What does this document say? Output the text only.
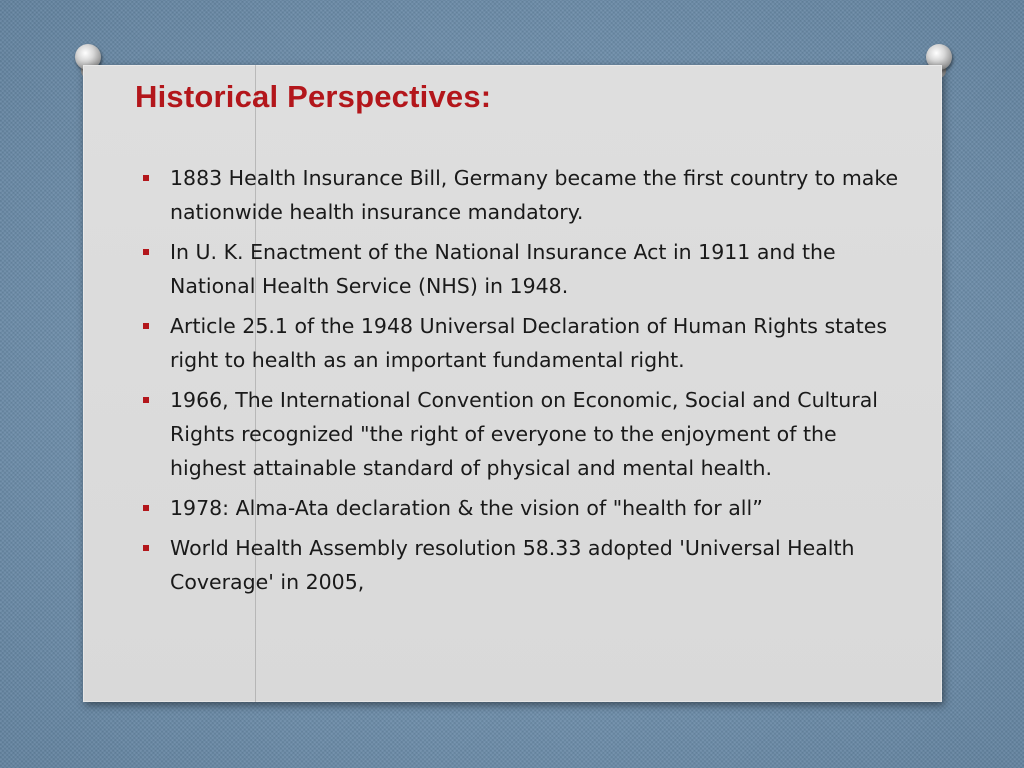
Historical Perspectives:
1883 Health Insurance Bill, Germany became the first country to make nationwide health insurance mandatory.
In U. K. Enactment of the National Insurance Act in 1911 and the National Health Service (NHS) in 1948.
Article 25.1 of the 1948 Universal Declaration of Human Rights states right to health as an important fundamental right.
1966, The International Convention on Economic, Social and Cultural Rights recognized "the right of everyone to the enjoyment of the highest attainable standard of physical and mental health.
1978: Alma-Ata declaration & the vision of "health for all”
World Health Assembly resolution 58.33 adopted 'Universal Health Coverage' in 2005,
